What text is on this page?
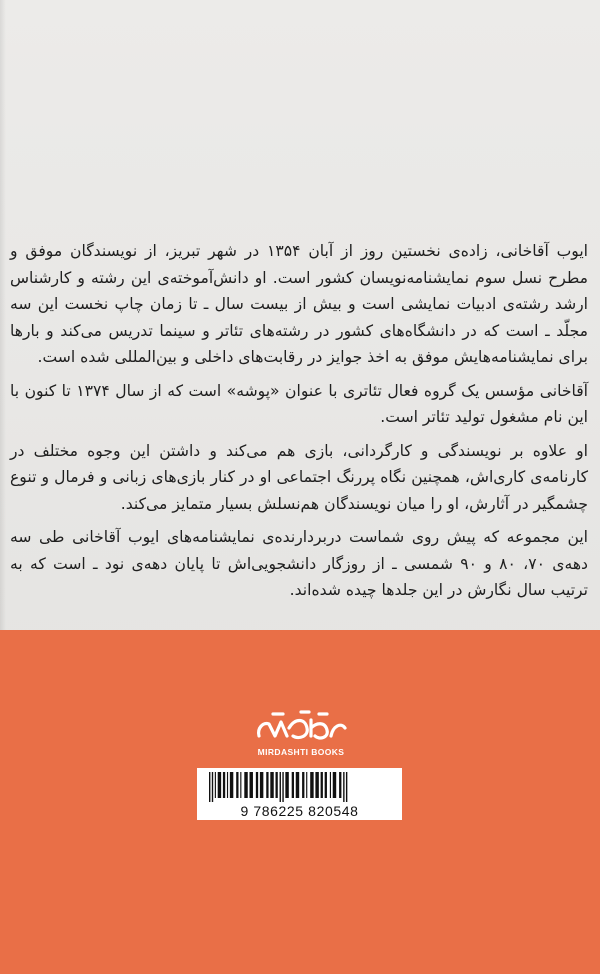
ایوب آقاخانی، زاده‌ی نخستین روز از آبان ۱۳۵۴ در شهر تبریز، از نویسندگان موفق و مطرح نسل سوم نمایشنامه‌نویسان کشور است. او دانش‌آموخته‌ی این رشته و کارشناس ارشد رشته‌ی ادبیات نمایشی است و بیش از بیست سال ـ تا زمان چاپ نخست این سه مجلّد ـ است که در دانشگاه‌های کشور در رشته‌های تئاتر و سینما تدریس می‌کند و بارها برای نمایشنامه‌هایش موفق به اخذ جوایز در رقابت‌های داخلی و بین‌المللی شده است.

آقاخانی مؤسس یک گروه فعال تئاتری با عنوان «پوشه» است که از سال ۱۳۷۴ تا کنون با این نام مشغول تولید تئاتر است.

او علاوه بر نویسندگی و کارگردانی، بازی هم می‌کند و داشتن این وجوه مختلف در کارنامه‌ی کاری‌اش، همچنین نگاه پررنگ اجتماعی او در کنار بازی‌های زبانی و فرمال و تنوع چشمگیر در آثارش، او را میان نویسندگان هم‌نسلش بسیار متمایز می‌کند.

این مجموعه که پیش روی شماست دربردارنده‌ی نمایشنامه‌های ایوب آقاخانی طی سه دهه‌ی ۷۰، ۸۰ و ۹۰ شمسی ـ از روزگار دانشجویی‌اش تا پایان دهه‌ی نود ـ است که به ترتیب سال نگارش در این جلدها چیده شده‌اند.

MIRDASHTI BOOKS
9 786225 820548
